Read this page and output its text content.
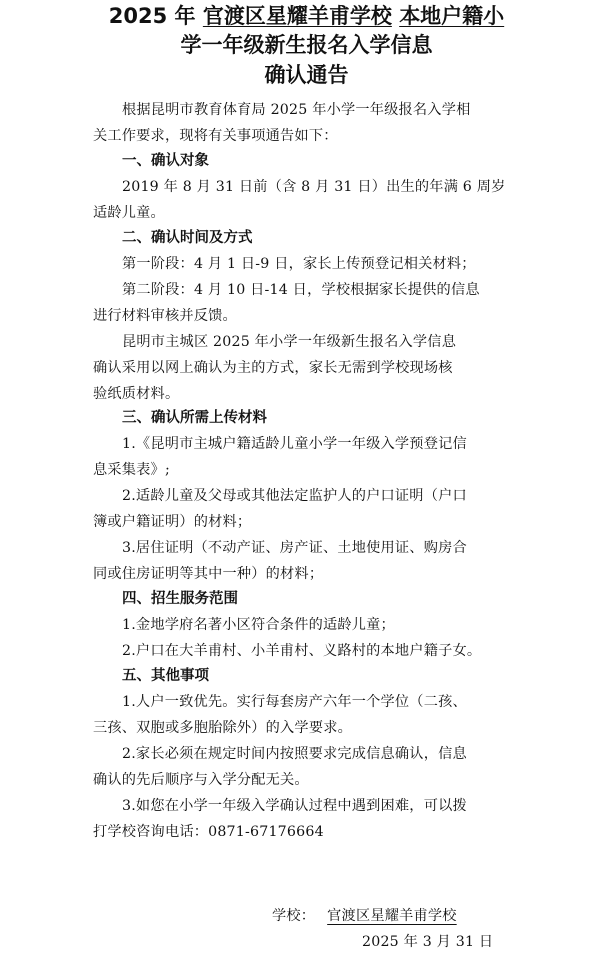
2025 年 官渡区星耀羊甫学校 本地户籍小
学一年级新生报名入学信息
确认通告
根据昆明市教育体育局 2025 年小学一年级报名入学相
关工作要求，现将有关事项通告如下：
一、确认对象
2019 年 8 月 31 日前（含 8 月 31 日）出生的年满 6 周岁
适龄儿童。
二、确认时间及方式
第一阶段：4 月 1 日-9 日，家长上传预登记相关材料；
第二阶段：4 月 10 日-14 日，学校根据家长提供的信息
进行材料审核并反馈。
昆明市主城区 2025 年小学一年级新生报名入学信息
确认采用以网上确认为主的方式，家长无需到学校现场核
验纸质材料。
三、确认所需上传材料
1.《昆明市主城户籍适龄儿童小学一年级入学预登记信
息采集表》;
2.适龄儿童及父母或其他法定监护人的户口证明（户口
簿或户籍证明）的材料；
3.居住证明（不动产证、房产证、土地使用证、购房合
同或住房证明等其中一种）的材料；
四、招生服务范围
1.金地学府名著小区符合条件的适龄儿童；
2.户口在大羊甫村、小羊甫村、义路村的本地户籍子女。
五、其他事项
1.人户一致优先。实行每套房产六年一个学位（二孩、
三孩、双胞或多胞胎除外）的入学要求。
2.家长必须在规定时间内按照要求完成信息确认，信息
确认的先后顺序与入学分配无关。
3.如您在小学一年级入学确认过程中遇到困难，可以拨
打学校咨询电话：0871-67176664
学校： 官渡区星耀羊甫学校
2025 年 3 月 31 日
